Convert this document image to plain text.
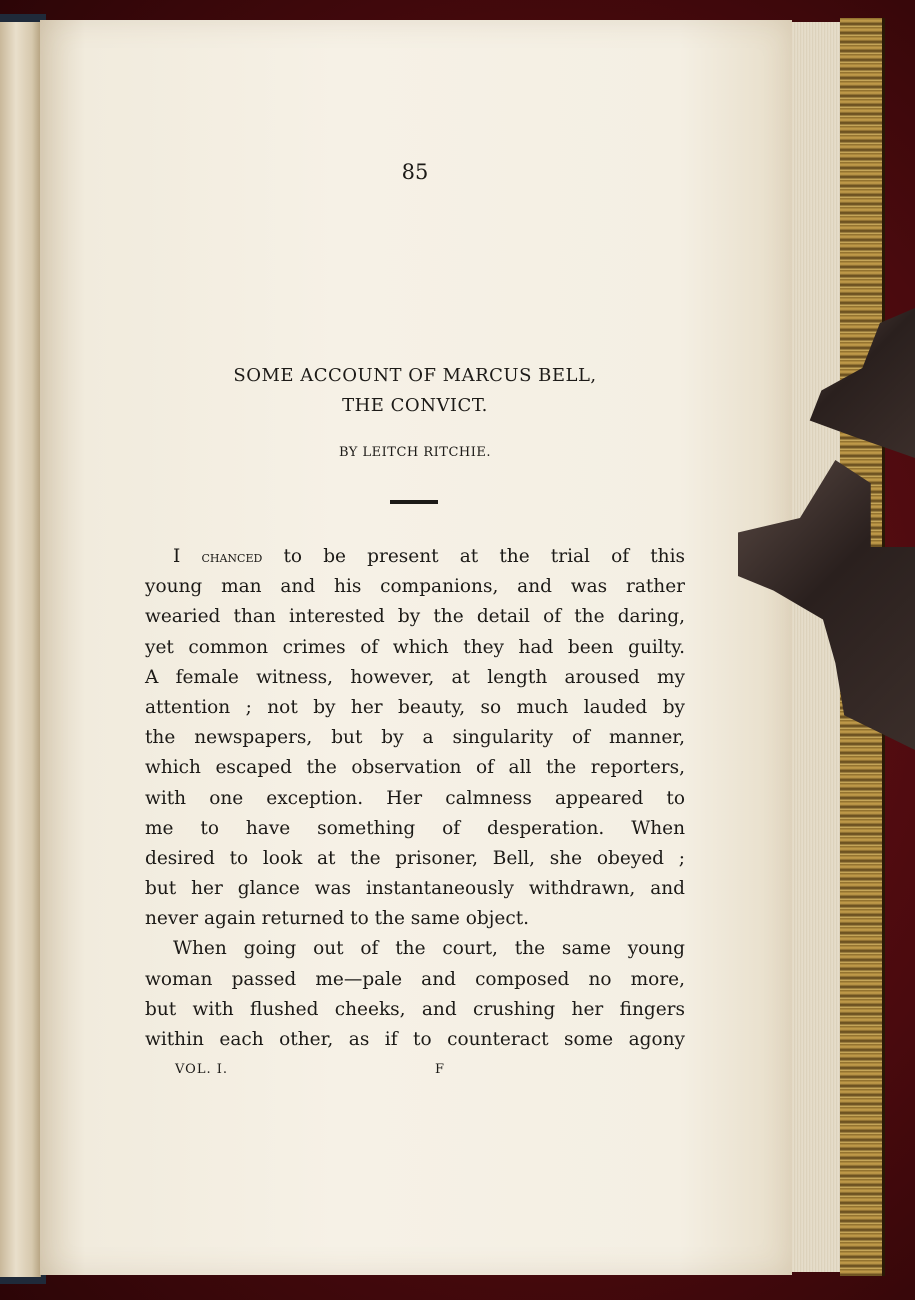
85
SOME ACCOUNT OF MARCUS BELL,
THE CONVICT.
BY LEITCH RITCHIE.
I chanced to be present at the trial of this
young man and his companions, and was rather
wearied than interested by the detail of the daring,
yet common crimes of which they had been guilty.
A female witness, however, at length aroused my
attention ; not by her beauty, so much lauded by
the newspapers, but by a singularity of manner,
which escaped the observation of all the reporters,
with one exception. Her calmness appeared to
me to have something of desperation. When
desired to look at the prisoner, Bell, she obeyed ;
but her glance was instantaneously withdrawn, and
never again returned to the same object.
When going out of the court, the same young
woman passed me—pale and composed no more,
but with flushed cheeks, and crushing her fingers
within each other, as if to counteract some agony
VOL. I.	F
